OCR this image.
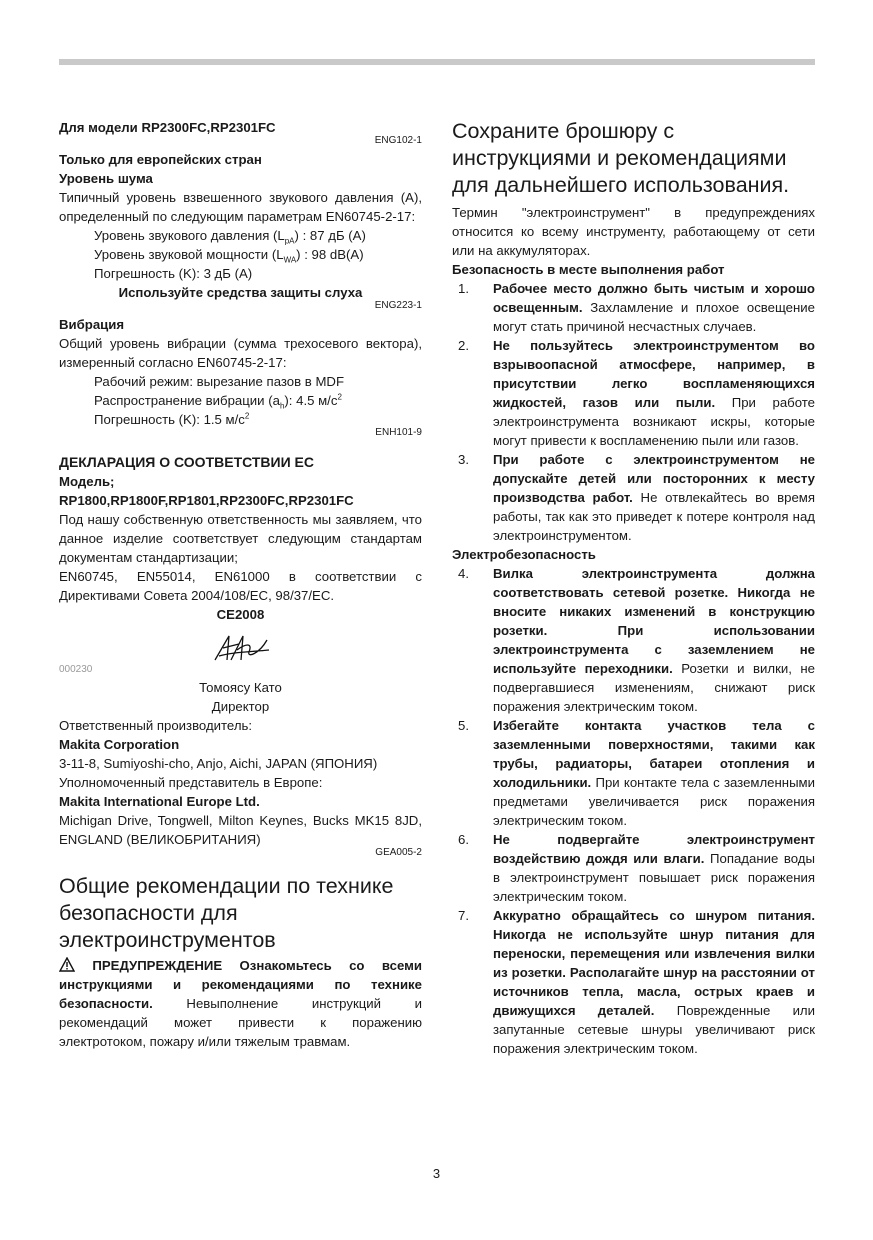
Для модели RP2300FC,RP2301FC
ENG102-1
Только для европейских стран
Уровень шума
Типичный уровень взвешенного звукового давления (A), определенный по следующим параметрам EN60745-2-17:
Уровень звукового давления $(L_{pA})$ : 87 дБ (A)
Уровень звуковой мощности $(L_{WA})$ : 98 dB(A)
Погрешность (K): 3 дБ (A)
Используйте средства защиты слуха
ENG223-1
Вибрация
Общий уровень вибрации (сумма трехосевого вектора), измеренный согласно EN60745-2-17:
Рабочий режим: вырезание пазов в MDF
Распространение вибрации $(a_h)$: 4.5 $м/с^2$
Погрешность (K): 1.5 $м/с^2$
ENH101-9
ДЕКЛАРАЦИЯ О СООТВЕТСТВИИ ЕС
Модель;
RP1800,RP1800F,RP1801,RP2300FC,RP2301FC
Под нашу собственную ответственность мы заявляем, что данное изделие соответствует следующим стандартам документам стандартизации;
EN60745, EN55014, EN61000 в соответствии с Директивами Совета 2004/108/EC, 98/37/EC.
CE2008
000230
Томоясу Като
Директор
Ответственный производитель:
Makita Corporation
3-11-8, Sumiyoshi-cho, Anjo, Aichi, JAPAN (ЯПОНИЯ)
Уполномоченный представитель в Европе:
Makita International Europe Ltd.
Michigan Drive, Tongwell, Milton Keynes, Bucks MK15 8JD, ENGLAND (ВЕЛИКОБРИТАНИЯ)
GEA005-2
Общие рекомендации по технике безопасности для электроинструментов
ПРЕДУПРЕЖДЕНИЕ Ознакомьтесь со всеми инструкциями и рекомендациями по технике безопасности. Невыполнение инструкций и рекомендаций может привести к поражению электротоком, пожару и/или тяжелым травмам.
Сохраните брошюру с инструкциями и рекомендациями для дальнейшего использования.
Термин "электроинструмент" в предупреждениях относится ко всему инструменту, работающему от сети или на аккумуляторах.
Безопасность в месте выполнения работ
1. Рабочее место должно быть чистым и хорошо освещенным. Захламление и плохое освещение могут стать причиной несчастных случаев.
2. Не пользуйтесь электроинструментом во взрывоопасной атмосфере, например, в присутствии легко воспламеняющихся жидкостей, газов или пыли. При работе электроинструмента возникают искры, которые могут привести к воспламенению пыли или газов.
3. При работе с электроинструментом не допускайте детей или посторонних к месту производства работ. Не отвлекайтесь во время работы, так как это приведет к потере контроля над электроинструментом.
Электробезопасность
4. Вилка электроинструмента должна соответствовать сетевой розетке. Никогда не вносите никаких изменений в конструкцию розетки. При использовании электроинструмента с заземлением не используйте переходники. Розетки и вилки, не подвергавшиеся изменениям, снижают риск поражения электрическим током.
5. Избегайте контакта участков тела с заземленными поверхностями, такими как трубы, радиаторы, батареи отопления и холодильники. При контакте тела с заземленными предметами увеличивается риск поражения электрическим током.
6. Не подвергайте электроинструмент воздействию дождя или влаги. Попадание воды в электроинструмент повышает риск поражения электрическим током.
7. Аккуратно обращайтесь со шнуром питания. Никогда не используйте шнур питания для переноски, перемещения или извлечения вилки из розетки. Располагайте шнур на расстоянии от источников тепла, масла, острых краев и движущихся деталей. Поврежденные или запутанные сетевые шнуры увеличивают риск поражения электрическим током.
3
